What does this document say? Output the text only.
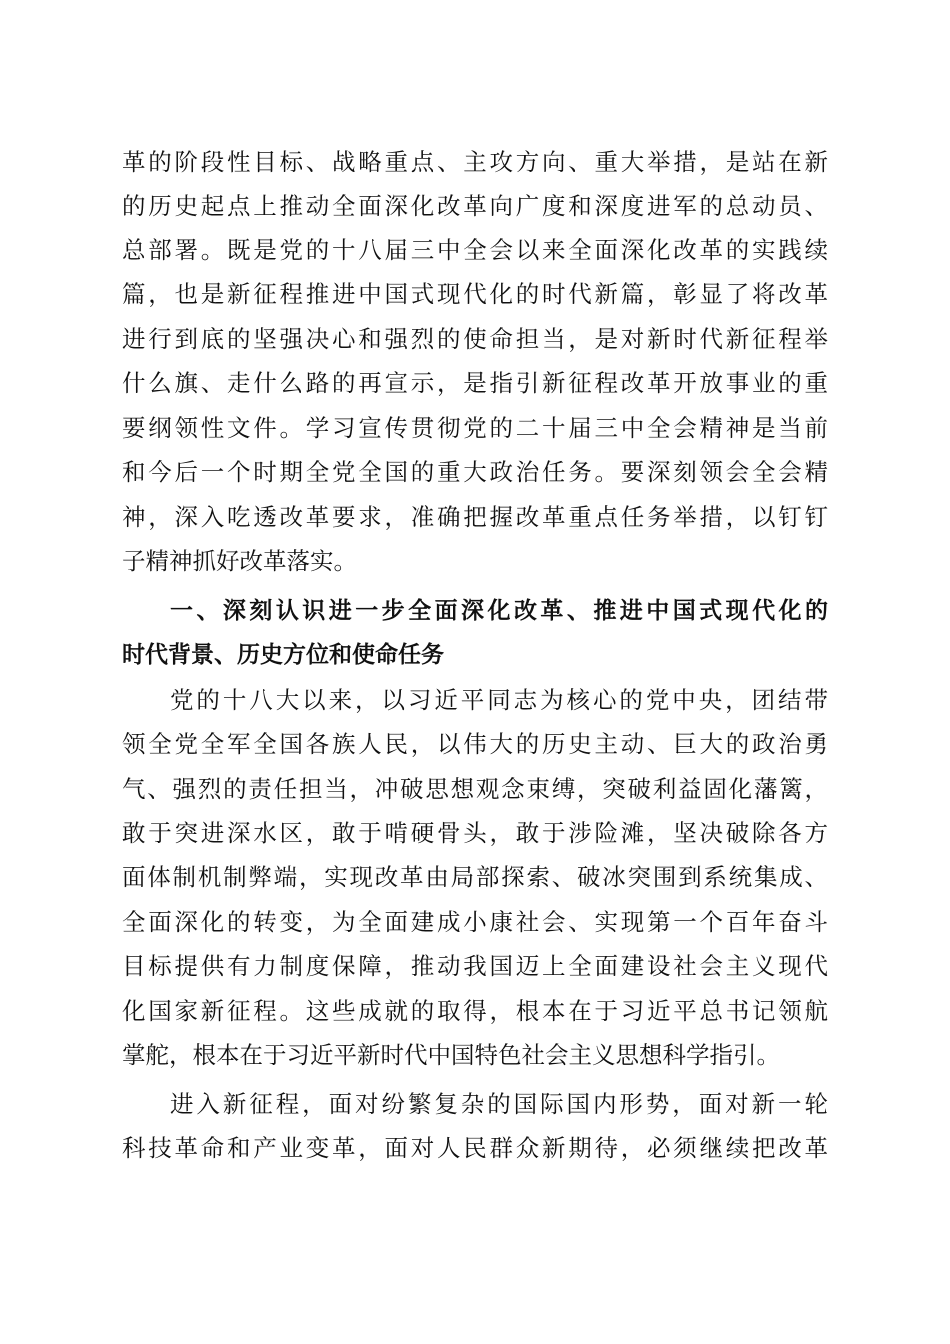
革的阶段性目标、战略重点、主攻方向、重大举措，是站在新
的历史起点上推动全面深化改革向广度和深度进军的总动员、
总部署。既是党的十八届三中全会以来全面深化改革的实践续
篇，也是新征程推进中国式现代化的时代新篇，彰显了将改革
进行到底的坚强决心和强烈的使命担当，是对新时代新征程举
什么旗、走什么路的再宣示，是指引新征程改革开放事业的重
要纲领性文件。学习宣传贯彻党的二十届三中全会精神是当前
和今后一个时期全党全国的重大政治任务。要深刻领会全会精
神，深入吃透改革要求，准确把握改革重点任务举措，以钉钉
子精神抓好改革落实。
一、深刻认识进一步全面深化改革、推进中国式现代化的
时代背景、历史方位和使命任务
党的十八大以来，以习近平同志为核心的党中央，团结带
领全党全军全国各族人民，以伟大的历史主动、巨大的政治勇
气、强烈的责任担当，冲破思想观念束缚，突破利益固化藩篱，
敢于突进深水区，敢于啃硬骨头，敢于涉险滩，坚决破除各方
面体制机制弊端，实现改革由局部探索、破冰突围到系统集成、
全面深化的转变，为全面建成小康社会、实现第一个百年奋斗
目标提供有力制度保障，推动我国迈上全面建设社会主义现代
化国家新征程。这些成就的取得，根本在于习近平总书记领航
掌舵，根本在于习近平新时代中国特色社会主义思想科学指引。
进入新征程，面对纷繁复杂的国际国内形势，面对新一轮
科技革命和产业变革，面对人民群众新期待，必须继续把改革
